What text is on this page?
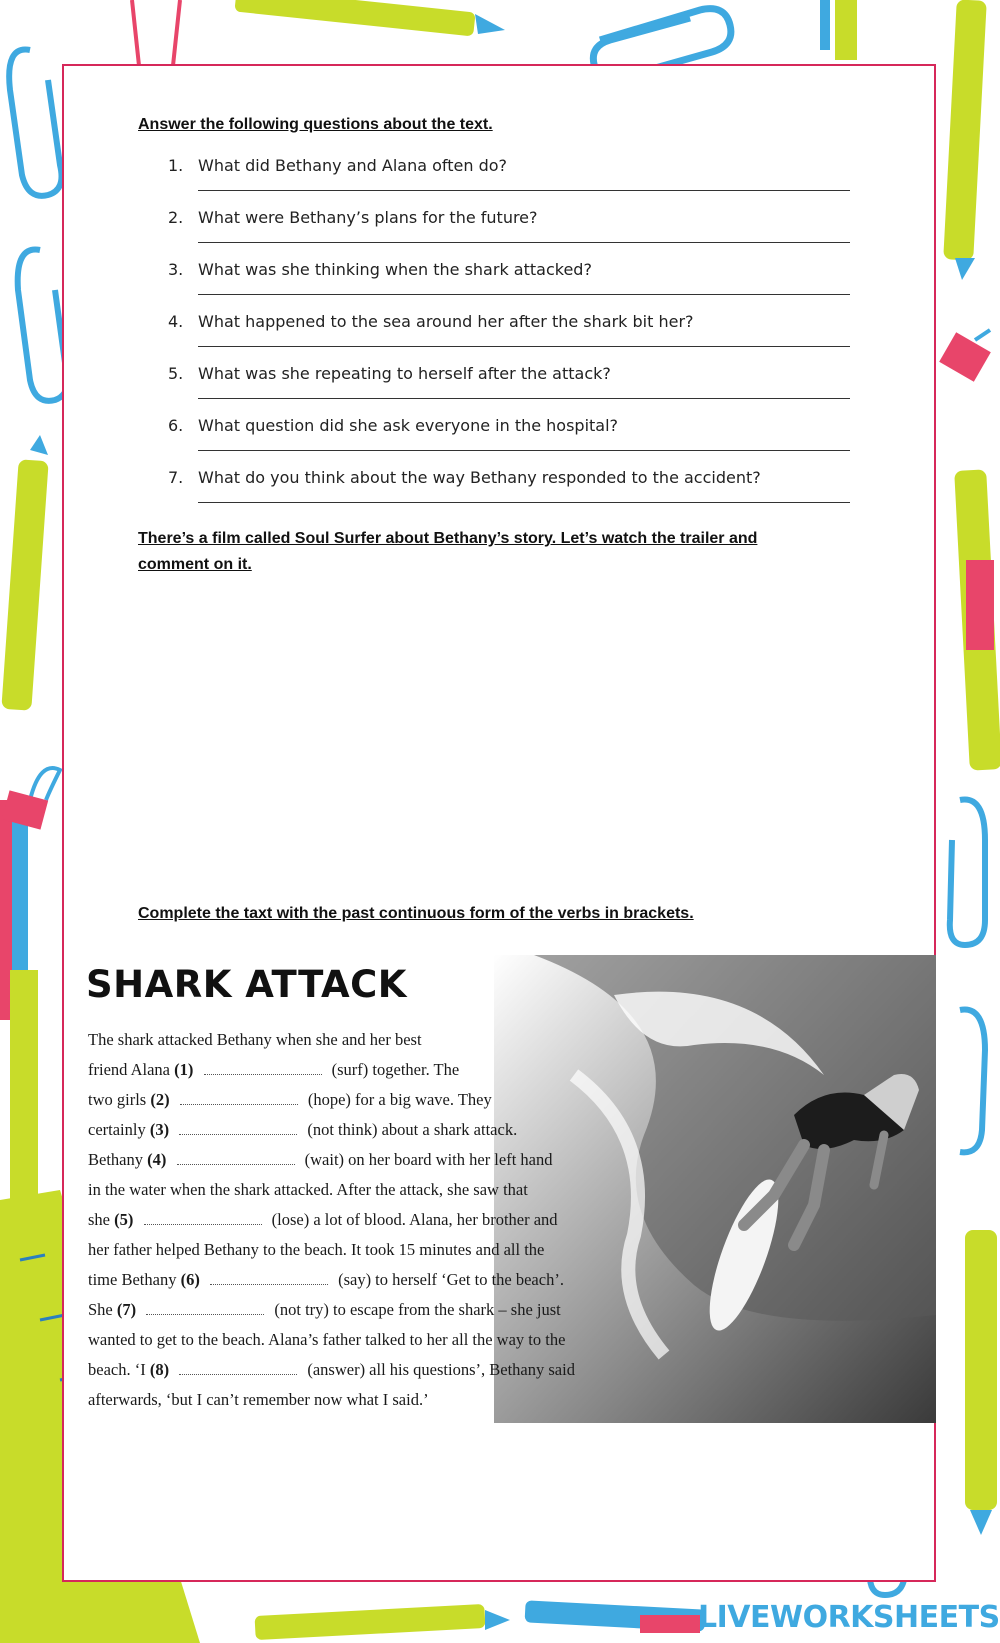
Answer the following questions about the text.
1. What did Bethany and Alana often do?
2. What were Bethany’s plans for the future?
3. What was she thinking when the shark attacked?
4. What happened to the sea around her after the shark bit her?
5. What was she repeating to herself after the attack?
6. What question did she ask everyone in the hospital?
7. What do you think about the way Bethany responded to the accident?
There’s a film called Soul Surfer about Bethany’s story. Let’s watch the trailer and
comment on it.
Complete the taxt with the past continuous form of the verbs in brackets.
SHARK ATTACK
The shark attacked Bethany when she and her best
friend Alana (1)	(surf) together. The
two girls (2)	(hope) for a big wave. They
certainly (3)	(not think) about a shark attack.
Bethany (4)	(wait) on her board with her left hand
in the water when the shark attacked. After the attack, she saw that
she (5)	(lose) a lot of blood. Alana, her brother and
her father helped Bethany to the beach. It took 15 minutes and all the
time Bethany (6)	(say) to herself ‘Get to the beach’.
She (7)	(not try) to escape from the shark – she just
wanted to get to the beach. Alana’s father talked to her all the way to the
beach. ‘I (8)	(answer) all his questions’, Bethany said
afterwards, ‘but I can’t remember now what I said.’
LIVEWORKSHEETS
